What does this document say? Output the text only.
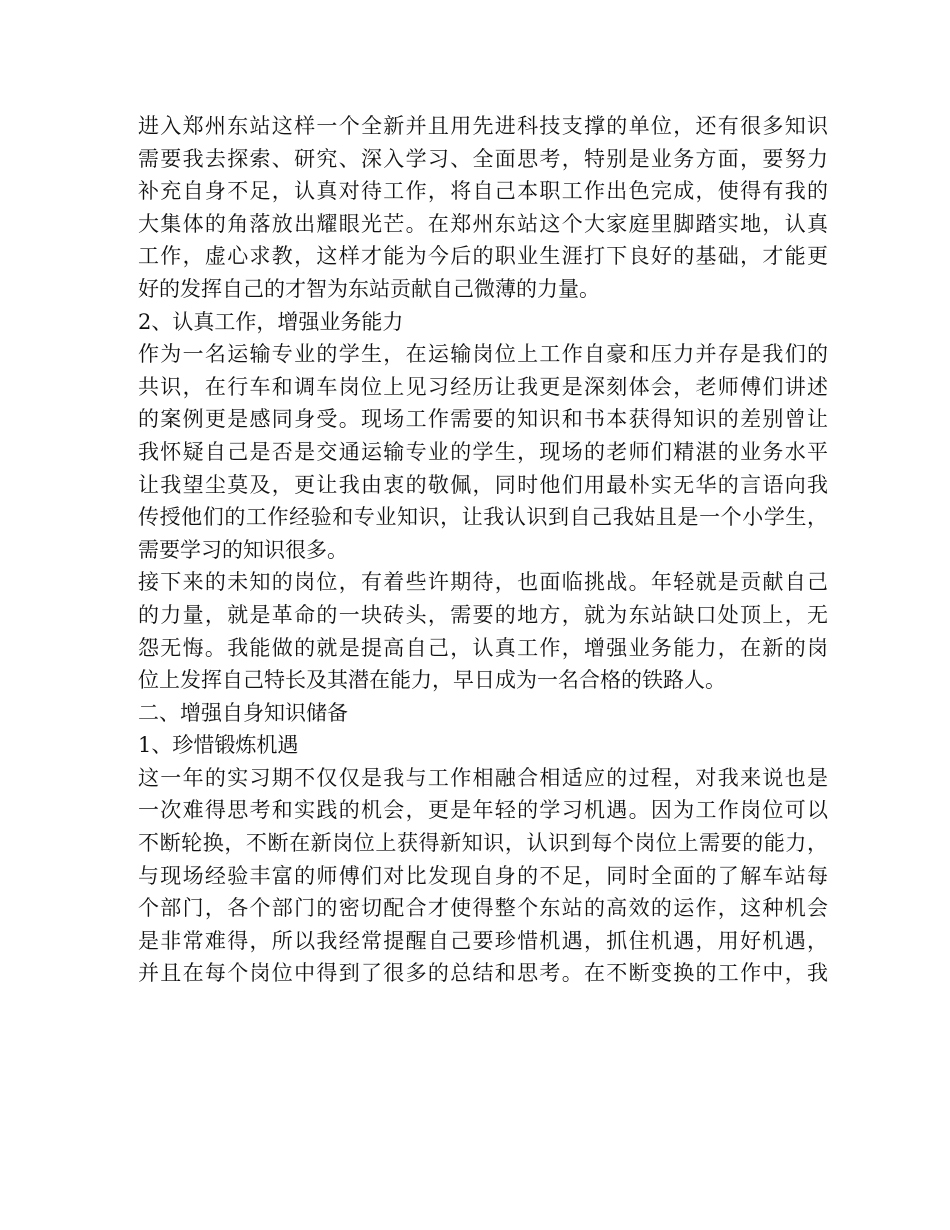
进入郑州东站这样一个全新并且用先进科技支撑的单位，还有很多知识
需要我去探索、研究、深入学习、全面思考，特别是业务方面，要努力
补充自身不足，认真对待工作，将自己本职工作出色完成，使得有我的
大集体的角落放出耀眼光芒。在郑州东站这个大家庭里脚踏实地，认真
工作，虚心求教，这样才能为今后的职业生涯打下良好的基础，才能更
好的发挥自己的才智为东站贡献自己微薄的力量。
2、认真工作，增强业务能力
作为一名运输专业的学生，在运输岗位上工作自豪和压力并存是我们的
共识，在行车和调车岗位上见习经历让我更是深刻体会，老师傅们讲述
的案例更是感同身受。现场工作需要的知识和书本获得知识的差别曾让
我怀疑自己是否是交通运输专业的学生，现场的老师们精湛的业务水平
让我望尘莫及，更让我由衷的敬佩，同时他们用最朴实无华的言语向我
传授他们的工作经验和专业知识，让我认识到自己我姑且是一个小学生，
需要学习的知识很多。
接下来的未知的岗位，有着些许期待，也面临挑战。年轻就是贡献自己
的力量，就是革命的一块砖头，需要的地方，就为东站缺口处顶上，无
怨无悔。我能做的就是提高自己，认真工作，增强业务能力，在新的岗
位上发挥自己特长及其潜在能力，早日成为一名合格的铁路人。
二、增强自身知识储备
1、珍惜锻炼机遇
这一年的实习期不仅仅是我与工作相融合相适应的过程，对我来说也是
一次难得思考和实践的机会，更是年轻的学习机遇。因为工作岗位可以
不断轮换，不断在新岗位上获得新知识，认识到每个岗位上需要的能力，
与现场经验丰富的师傅们对比发现自身的不足，同时全面的了解车站每
个部门，各个部门的密切配合才使得整个东站的高效的运作，这种机会
是非常难得，所以我经常提醒自己要珍惜机遇，抓住机遇，用好机遇，
并且在每个岗位中得到了很多的总结和思考。在不断变换的工作中，我
